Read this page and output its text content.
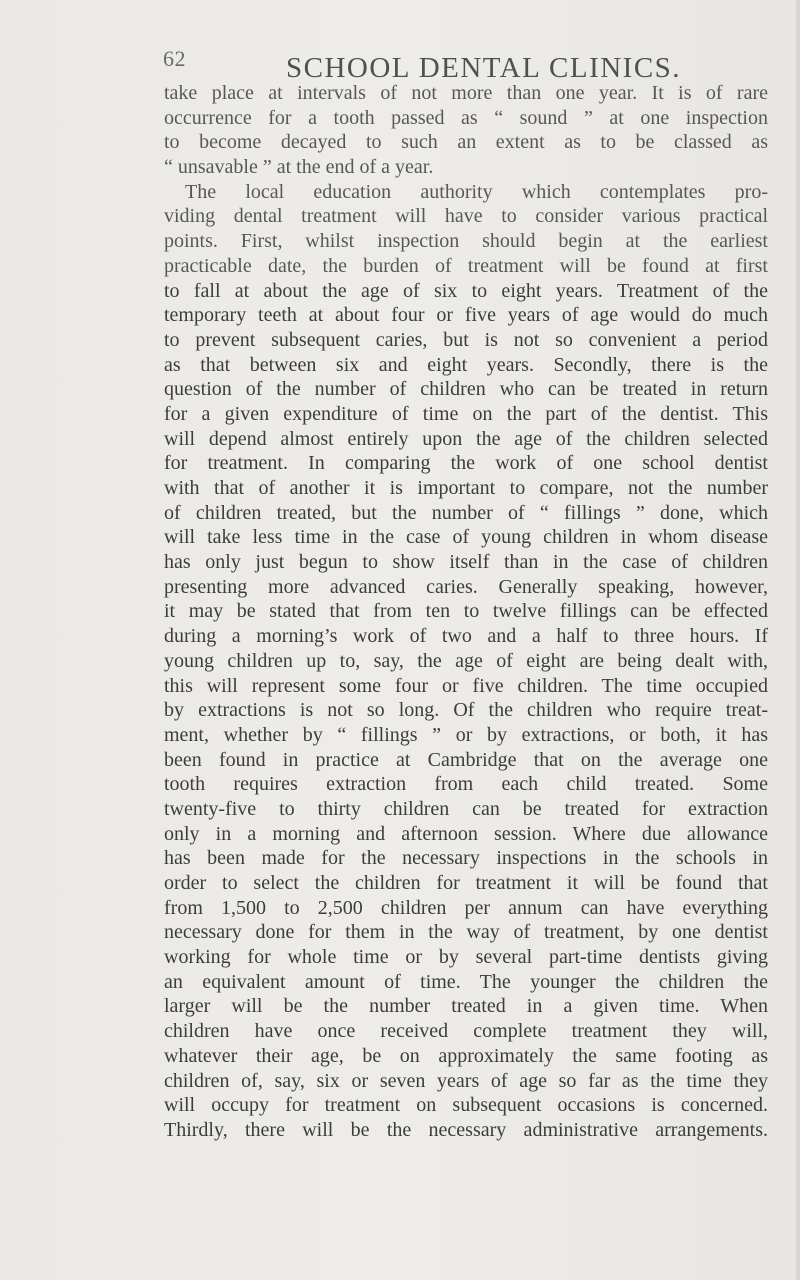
62	SCHOOL DENTAL CLINICS.
take place at intervals of not more than one year. It is of rare
occurrence for a tooth passed as “ sound ” at one inspection
to become decayed to such an extent as to be classed as
“ unsavable ” at the end of a year.
The local education authority which contemplates pro-
viding dental treatment will have to consider various practical
points. First, whilst inspection should begin at the earliest
practicable date, the burden of treatment will be found at first
to fall at about the age of six to eight years. Treatment of the
temporary teeth at about four or five years of age would do much
to prevent subsequent caries, but is not so convenient a period
as that between six and eight years. Secondly, there is the
question of the number of children who can be treated in return
for a given expenditure of time on the part of the dentist. This
will depend almost entirely upon the age of the children selected
for treatment. In comparing the work of one school dentist
with that of another it is important to compare, not the number
of children treated, but the number of “ fillings ” done, which
will take less time in the case of young children in whom disease
has only just begun to show itself than in the case of children
presenting more advanced caries. Generally speaking, however,
it may be stated that from ten to twelve fillings can be effected
during a morning’s work of two and a half to three hours. If
young children up to, say, the age of eight are being dealt with,
this will represent some four or five children. The time occupied
by extractions is not so long. Of the children who require treat-
ment, whether by “ fillings ” or by extractions, or both, it has
been found in practice at Cambridge that on the average one
tooth requires extraction from each child treated. Some
twenty-five to thirty children can be treated for extraction
only in a morning and afternoon session. Where due allowance
has been made for the necessary inspections in the schools in
order to select the children for treatment it will be found that
from 1,500 to 2,500 children per annum can have everything
necessary done for them in the way of treatment, by one dentist
working for whole time or by several part-time dentists giving
an equivalent amount of time. The younger the children the
larger will be the number treated in a given time. When
children have once received complete treatment they will,
whatever their age, be on approximately the same footing as
children of, say, six or seven years of age so far as the time they
will occupy for treatment on subsequent occasions is concerned.
Thirdly, there will be the necessary administrative arrangements.
